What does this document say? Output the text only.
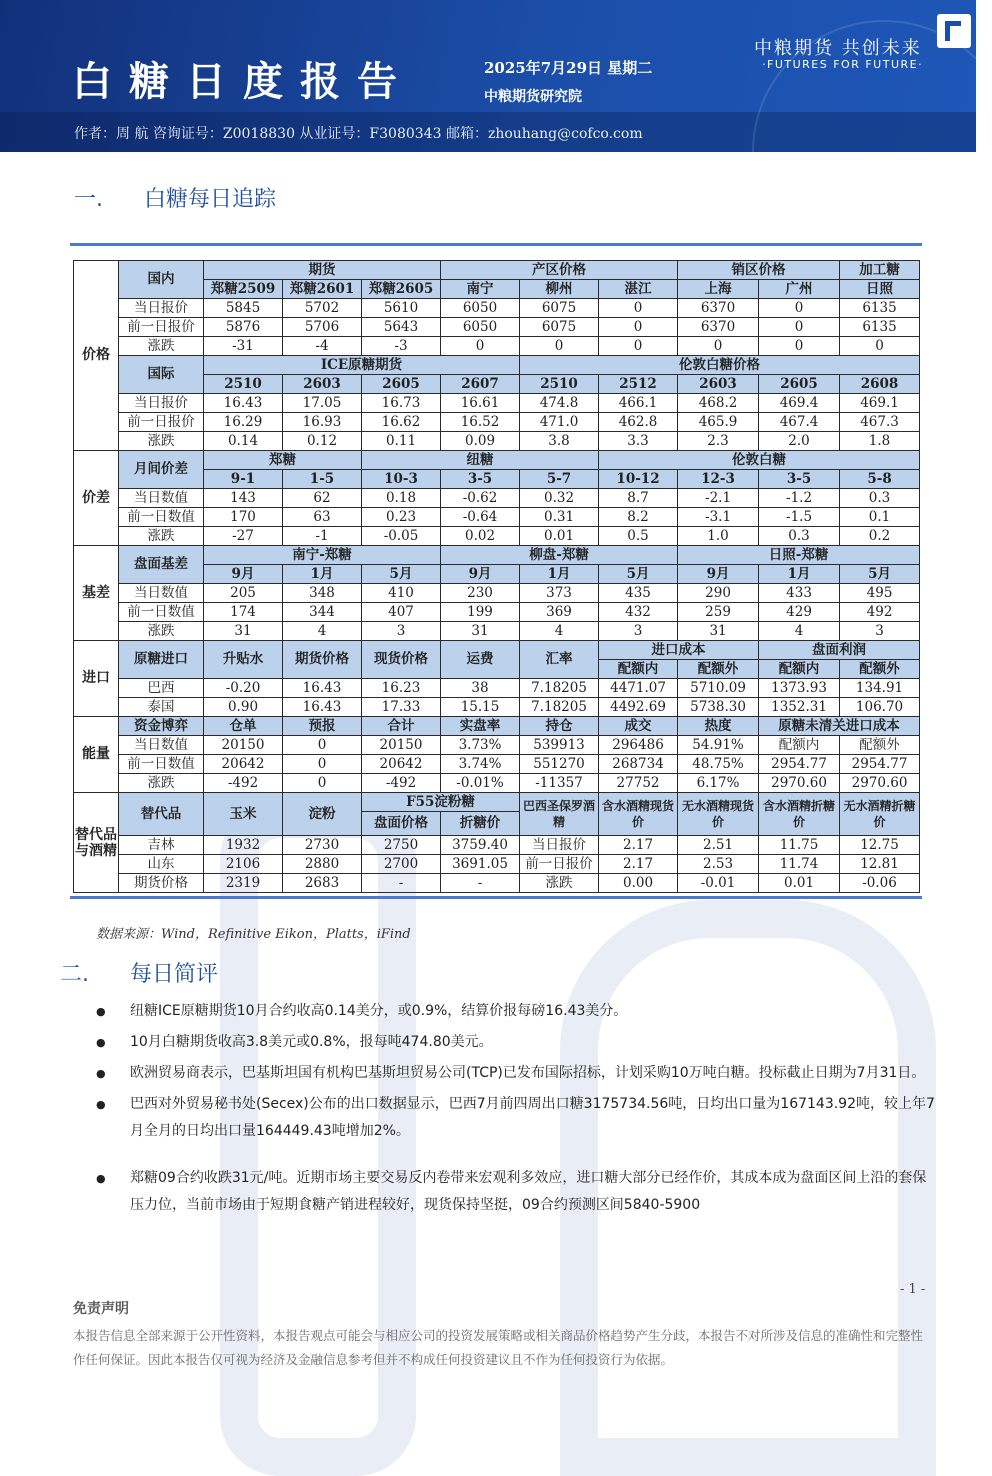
白糖日度报告	2025年7月29日 星期二
中粮期货研究院
中粮期货 共创未来
·FUTURES FOR FUTURE·
作者：周 航 咨询证号：Z0018830 从业证号：F3080343 邮箱：zhouhang@cofco.com
一. 白糖每日追踪
价格	国内	期货			产区价格			销区价格		加工糖
		郑糖2509	郑糖2601	郑糖2605	南宁	柳州	湛江	上海	广州	日照
	当日报价	5845	5702	5610	6050	6075	0	6370	0	6135
	前一日报价	5876	5706	5643	6050	6075	0	6370	0	6135
	涨跌	-31	-4	-3	0	0	0	0	0	0
	国际	ICE原糖期货				伦敦白糖价格				
		2510	2603	2605	2607	2510	2512	2603	2605	2608
	当日报价	16.43	17.05	16.73	16.61	474.8	466.1	468.2	469.4	469.1
	前一日报价	16.29	16.93	16.62	16.52	471.0	462.8	465.9	467.4	467.3
	涨跌	0.14	0.12	0.11	0.09	3.8	3.3	2.3	2.0	1.8
价差	月间价差	郑糖		纽糖			伦敦白糖			
		9-1	1-5	10-3	3-5	5-7	10-12	12-3	3-5	5-8
	当日数值	143	62	0.18	-0.62	0.32	8.7	-2.1	-1.2	0.3
	前一日数值	170	63	0.23	-0.64	0.31	8.2	-3.1	-1.5	0.1
	涨跌	-27	-1	-0.05	0.02	0.01	0.5	1.0	0.3	0.2
基差	盘面基差	南宁-郑糖			柳盘-郑糖			日照-郑糖		
		9月	1月	5月	9月	1月	5月	9月	1月	5月
	当日数值	205	348	410	230	373	435	290	433	495
	前一日数值	174	344	407	199	369	432	259	429	492
	涨跌	31	4	3	31	4	3	31	4	3
进口	原糖进口	升贴水	期货价格	现货价格	运费	汇率	进口成本		盘面利润	
							配额内	配额外	配额内	配额外
	巴西	-0.20	16.43	16.23	38	7.18205	4471.07	5710.09	1373.93	134.91
	泰国	0.90	16.43	17.33	15.15	7.18205	4492.69	5738.30	1352.31	106.70
能量	资金博弈	仓单	预报	合计	实盘率	持仓	成交	热度	原糖未清关进口成本	
	当日数值	20150	0	20150	3.73%	539913	296486	54.91%	配额内	配额外
	前一日数值	20642	0	20642	3.74%	551270	268734	48.75%	2954.77	2954.77
	涨跌	-492	0	-492	-0.01%	-11357	27752	6.17%	2970.60	2970.60
替代品与酒精	替代品	玉米	淀粉	F55淀粉糖		巴西圣保罗酒精	含水酒精现货价	无水酒精现货价	含水酒精折糖价	无水酒精折糖价
				盘面价格	折糖价					
	吉林	1932	2730	2750	3759.40	当日报价	2.17	2.51	11.75	12.75
	山东	2106	2880	2700	3691.05	前一日报价	2.17	2.53	11.74	12.81
	期货价格	2319	2683	-	-	涨跌	0.00	-0.01	0.01	-0.06
数据来源：Wind，Refinitive Eikon，Platts，iFind
二. 每日简评
● 纽糖ICE原糖期货10月合约收高0.14美分，或0.9%，结算价报每磅16.43美分。
● 10月白糖期货收高3.8美元或0.8%，报每吨474.80美元。
● 欧洲贸易商表示，巴基斯坦国有机构巴基斯坦贸易公司(TCP)已发布国际招标，计划采购10万吨白糖。投标截止日期为7月31日。
● 巴西对外贸易秘书处(Secex)公布的出口数据显示，巴西7月前四周出口糖3175734.56吨，日均出口量为167143.92吨，较上年7月全月的日均出口量164449.43吨增加2%。
● 郑糖09合约收跌31元/吨。近期市场主要交易反内卷带来宏观利多效应，进口糖大部分已经作价，其成本成为盘面区间上沿的套保压力位，当前市场由于短期食糖产销进程较好，现货保持坚挺，09合约预测区间5840-5900
- 1 -
免责声明
本报告信息全部来源于公开性资料，本报告观点可能会与相应公司的投资发展策略或相关商品价格趋势产生分歧，本报告不对所涉及信息的准确性和完整性作任何保证。因此本报告仅可视为经济及金融信息参考但并不构成任何投资建议且不作为任何投资行为依据。
